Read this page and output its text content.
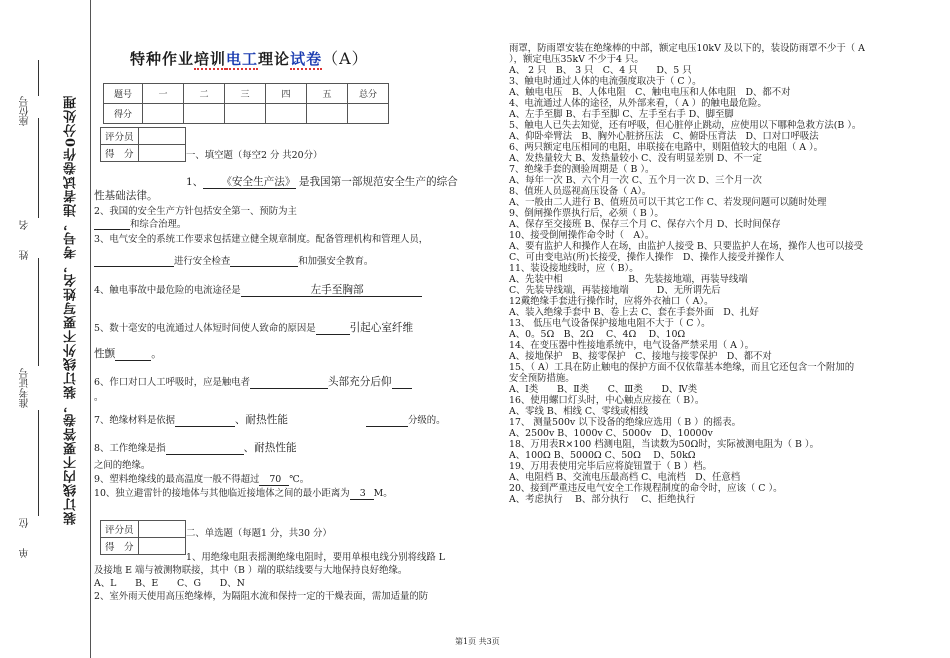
座位号
姓　　名
准考证号
单　　位
装订线内不要答卷，装订线外不要写姓名，考号，违者试卷作0分处理
特种作业培训电工理论试卷（A）
题号	一	二	三	四	五	总分
得分						
评分员	
得　分		一、填空题（每空2 分 共20分）
1、 《安全生产法》 是我国第一部规范安全生产的综合
性基础法律。
2、我国的安全生产方针包括安全第一、预防为主
和综合治理。
3、电气安全的系统工作要求包括建立健全规章制度。配备管理机构和管理人员，
进行安全检查	和加强安全教育。
4、触电事故中最危险的电流途径是	左手至胸部
5、数十毫安的电流通过人体短时间使人致命的原因是	引起心室纤维
性颤	。
6、作口对口人工呼吸时，应是触电者	头部充分后仰
。
7、绝缘材料是依据	、耐热性能	分级的。
8、工作绝缘是指	、耐热性能
之间的绝缘。
9、塑料绝缘线的最高温度一般不得超过 70 ℃。
10、独立避雷针的接地体与其他临近接地体之间的最小距离为 3 M。
评分员	
得　分	
二、单选题（每题1 分，共30 分）
1、用绝缘电阻表摇测绝缘电阻时，要用单根电线分别将线路 L
及接地 E 端与被测物联接，其中（B ）端的联结线要与大地保持良好绝缘。
A、L　　B、E　　C、G　　D、N
2、室外雨天使用高压绝缘棒，为隔阻水流和保持一定的干燥表面，需加适量的防
雨罩，防雨罩安装在绝缘棒的中部，额定电压10kV 及以下的，装设防雨罩不少于（ A
），额定电压35kV 不少于4 只。
A、 2 只　B、 3 只　C、4 只　　D、5 只
3、触电时通过人体的电流强度取决于（ C ）。
A、触电电压　B、人体电阻　C、触电电压和人体电阻　D、都不对
4、电流通过人体的途径，从外部来看，（ A ）的触电最危险。
A、左手至脚 B、右手至脚 C、左手至右手 D、脚至脚
5、触电人已失去知觉，还有呼吸，但心脏停止跳动，应使用以下哪种急救方法(B ）。
A、仰卧牵臂法　B、胸外心脏挤压法　C、俯卧压背法　D、口对口呼吸法
6、两只额定电压相同的电阻，串联接在电路中，则阻值较大的电阻（ A ）。
A、发热量较大 B、发热量较小 C、没有明显差别 D、不一定
7、绝缘手套的测验周期是（ B ）。
A、每年一次 B、六个月一次 C、五个月一次 D、三个月一次
8、值班人员巡视高压设备（ A）。
A、一般由二人进行 B、值班员可以干其它工作 C、若发现问题可以随时处理
9、倒闸操作票执行后，必须（ B ）。
A、保存至交接班 B、保存三个月 C、保存六个月 D、长时间保存
10、接受倒闸操作命令时（　A）。
A、要有监护人和操作人在场，由监护人接受 B、只要监护人在场，操作人也可以接受
C、可由变电站(所)长接受，操作人操作　D、操作人接受并操作人
11、装设接地线时，应（ B）。
A、先装中相　　　　　　　B、先装接地端，再装导线端
C、先装导线端，再装接地端　　　D、无所谓先后
12戴绝缘手套进行操作时，应将外衣袖口（ A）。
A、装入绝缘手套中 B、卷上去 C、套在手套外面　D、扎好
13、 低压电气设备保护接地电阻不大于（ C ）。
A、0。5Ω　B、2Ω　 C、4Ω　 D、10Ω
14、在变压器中性接地系统中，电气设备严禁采用（ A ）。
A、接地保护　B、接零保护　C、接地与接零保护　D、都不对
15、（ A）工具在防止触电的保护方面不仅依靠基本绝缘，而且它还包含一个附加的
安全预防措施。
A、Ⅰ类　　B、Ⅱ类　　C、Ⅲ类　　D、Ⅳ类
16、使用螺口灯头时，中心触点应接在（ B）。
A、零线 B、相线 C、零线或相线
17、 测量500v 以下设备的绝缘应选用（ B ）的摇表。
A、2500v B、1000v C、5000v　D、10000v
18、万用表R×100 档测电阻，当读数为50Ω时，实际被测电阻为（ B ）。
A、100Ω B、5000Ω C、50Ω　 D、50kΩ
19、万用表使用完毕后应将旋钮置于（ B ）档。
A、电阻档 B、交流电压最高档 C、电流档　D、任意档
20、接到严重违反电气安全工作规程制度的命令时，应该（ C ）。
A、考虑执行　 B、部分执行　 C、拒绝执行
第1页 共3页
